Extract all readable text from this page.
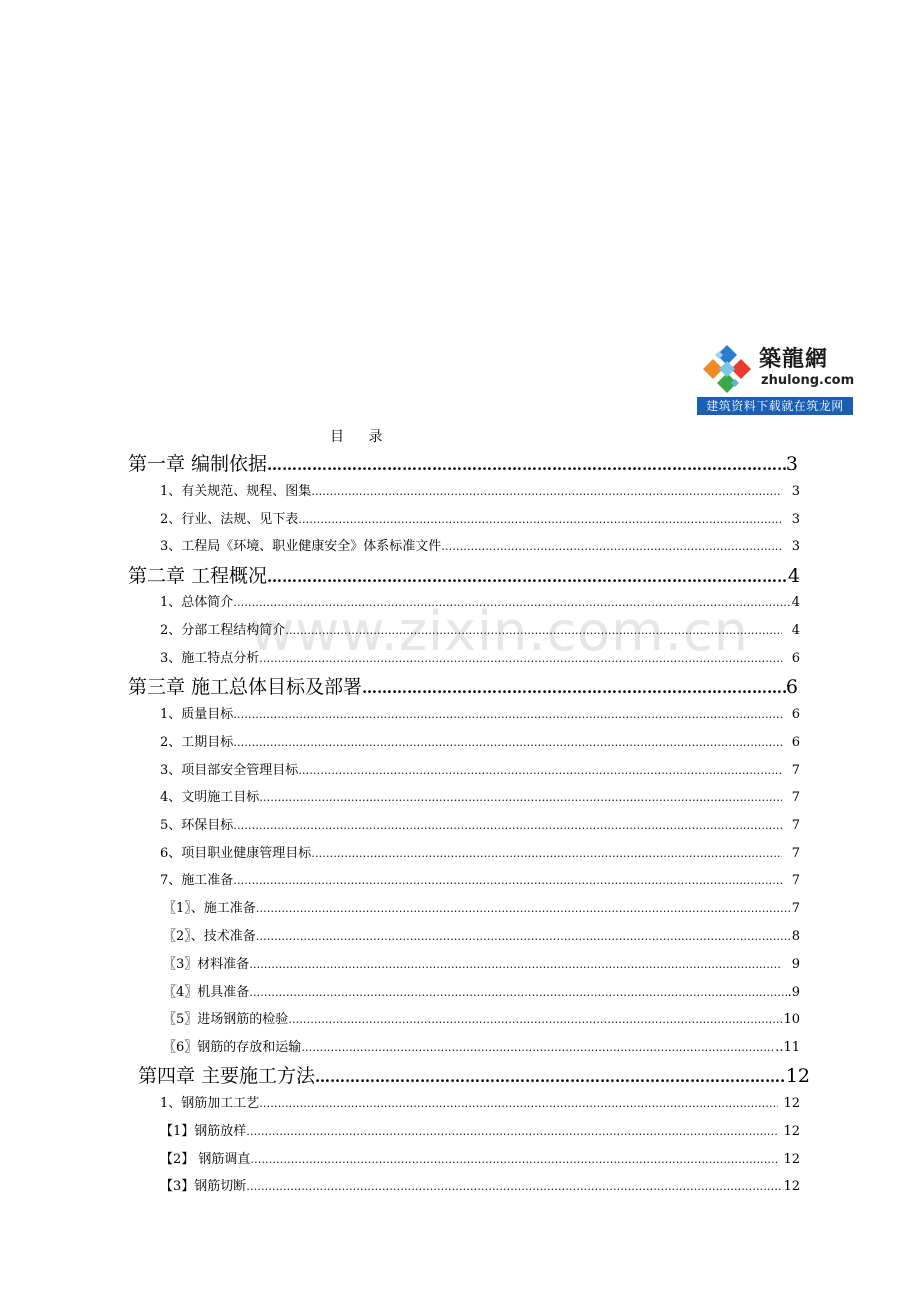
築龍網
zhulong.com
建筑资料下载就在筑龙网
www.zixin.com.cn
目 录
第一章 编制依据 …………………………………………………………………………………………………………………………………………………………………………………………………………………………	3
1、有关规范、规程、图集 …………………………………………………………………………………………………………………………………………………………………………………………………………………………	3
2、行业、法规、见下表 …………………………………………………………………………………………………………………………………………………………………………………………………………………………	3
3、工程局《环境、职业健康安全》体系标准文件 …………………………………………………………………………………………………………………………………………………………………………………………………………………………	3
第二章 工程概况 …………………………………………………………………………………………………………………………………………………………………………………………………………………………	4
1、总体简介 …………………………………………………………………………………………………………………………………………………………………………………………………………………………	4
2、分部工程结构简介 …………………………………………………………………………………………………………………………………………………………………………………………………………………………	4
3、施工特点分析 …………………………………………………………………………………………………………………………………………………………………………………………………………………………	6
第三章 施工总体目标及部署 …………………………………………………………………………………………………………………………………………………………………………………………………………………………	6
1、质量目标 …………………………………………………………………………………………………………………………………………………………………………………………………………………………	6
2、工期目标 …………………………………………………………………………………………………………………………………………………………………………………………………………………………	6
3、项目部安全管理目标 …………………………………………………………………………………………………………………………………………………………………………………………………………………………	7
4、文明施工目标 …………………………………………………………………………………………………………………………………………………………………………………………………………………………	7
5、环保目标 …………………………………………………………………………………………………………………………………………………………………………………………………………………………	7
6、项目职业健康管理目标 …………………………………………………………………………………………………………………………………………………………………………………………………………………………	7
7、施工准备 …………………………………………………………………………………………………………………………………………………………………………………………………………………………	7
〖1〗、施工准备 …………………………………………………………………………………………………………………………………………………………………………………………………………………………	7
〖2〗、技术准备 …………………………………………………………………………………………………………………………………………………………………………………………………………………………	8
〖3〗材料准备 …………………………………………………………………………………………………………………………………………………………………………………………………………………………	9
〖4〗机具准备 …………………………………………………………………………………………………………………………………………………………………………………………………………………………	.9
〖5〗进场钢筋的检验 …………………………………………………………………………………………………………………………………………………………………………………………………………………………	10
〖6〗钢筋的存放和运输 …………………………………………………………………………………………………………………………………………………………………………………………………………………………	..11
第四章 主要施工方法 …………………………………………………………………………………………………………………………………………………………………………………………………………………………	12
1、钢筋加工工艺 …………………………………………………………………………………………………………………………………………………………………………………………………………………………	12
【1】钢筋放样 …………………………………………………………………………………………………………………………………………………………………………………………………………………………	12
【2】 钢筋调直 …………………………………………………………………………………………………………………………………………………………………………………………………………………………	12
【3】钢筋切断 …………………………………………………………………………………………………………………………………………………………………………………………………………………………	12
